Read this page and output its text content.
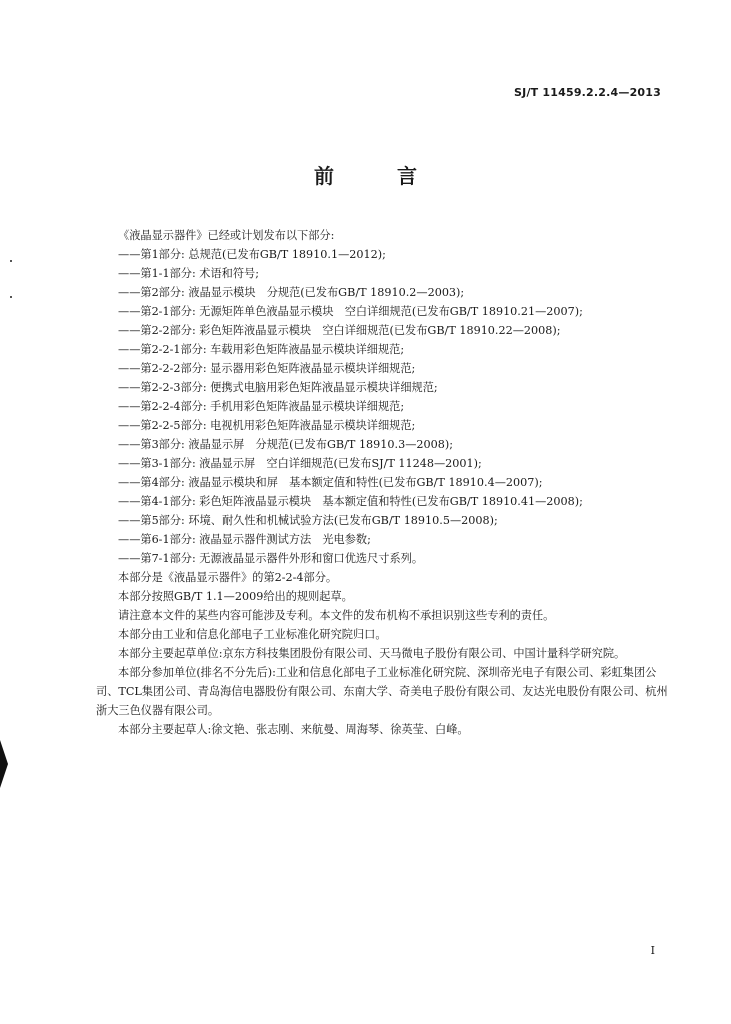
SJ/T 11459.2.2.4—2013
前 言
《液晶显示器件》已经或计划发布以下部分:
——第1部分: 总规范(已发布GB/T 18910.1—2012);
——第1-1部分: 术语和符号;
——第2部分: 液晶显示模块　分规范(已发布GB/T 18910.2—2003);
——第2-1部分: 无源矩阵单色液晶显示模块　空白详细规范(已发布GB/T 18910.21—2007);
——第2-2部分: 彩色矩阵液晶显示模块　空白详细规范(已发布GB/T 18910.22—2008);
——第2-2-1部分: 车载用彩色矩阵液晶显示模块详细规范;
——第2-2-2部分: 显示器用彩色矩阵液晶显示模块详细规范;
——第2-2-3部分: 便携式电脑用彩色矩阵液晶显示模块详细规范;
——第2-2-4部分: 手机用彩色矩阵液晶显示模块详细规范;
——第2-2-5部分: 电视机用彩色矩阵液晶显示模块详细规范;
——第3部分: 液晶显示屏　分规范(已发布GB/T 18910.3—2008);
——第3-1部分: 液晶显示屏　空白详细规范(已发布SJ/T 11248—2001);
——第4部分: 液晶显示模块和屏　基本额定值和特性(已发布GB/T 18910.4—2007);
——第4-1部分: 彩色矩阵液晶显示模块　基本额定值和特性(已发布GB/T 18910.41—2008);
——第5部分: 环境、耐久性和机械试验方法(已发布GB/T 18910.5—2008);
——第6-1部分: 液晶显示器件测试方法　光电参数;
——第7-1部分: 无源液晶显示器件外形和窗口优选尺寸系列。
本部分是《液晶显示器件》的第2-2-4部分。
本部分按照GB/T 1.1—2009给出的规则起草。
请注意本文件的某些内容可能涉及专利。本文件的发布机构不承担识别这些专利的责任。
本部分由工业和信息化部电子工业标准化研究院归口。
本部分主要起草单位:京东方科技集团股份有限公司、天马微电子股份有限公司、中国计量科学研究院。
本部分参加单位(排名不分先后):工业和信息化部电子工业标准化研究院、深圳帝光电子有限公司、彩虹集团公司、TCL集团公司、青岛海信电器股份有限公司、东南大学、奇美电子股份有限公司、友达光电股份有限公司、杭州浙大三色仪器有限公司。
本部分主要起草人:徐文艳、张志刚、来航曼、周海琴、徐英莹、白峰。
I
